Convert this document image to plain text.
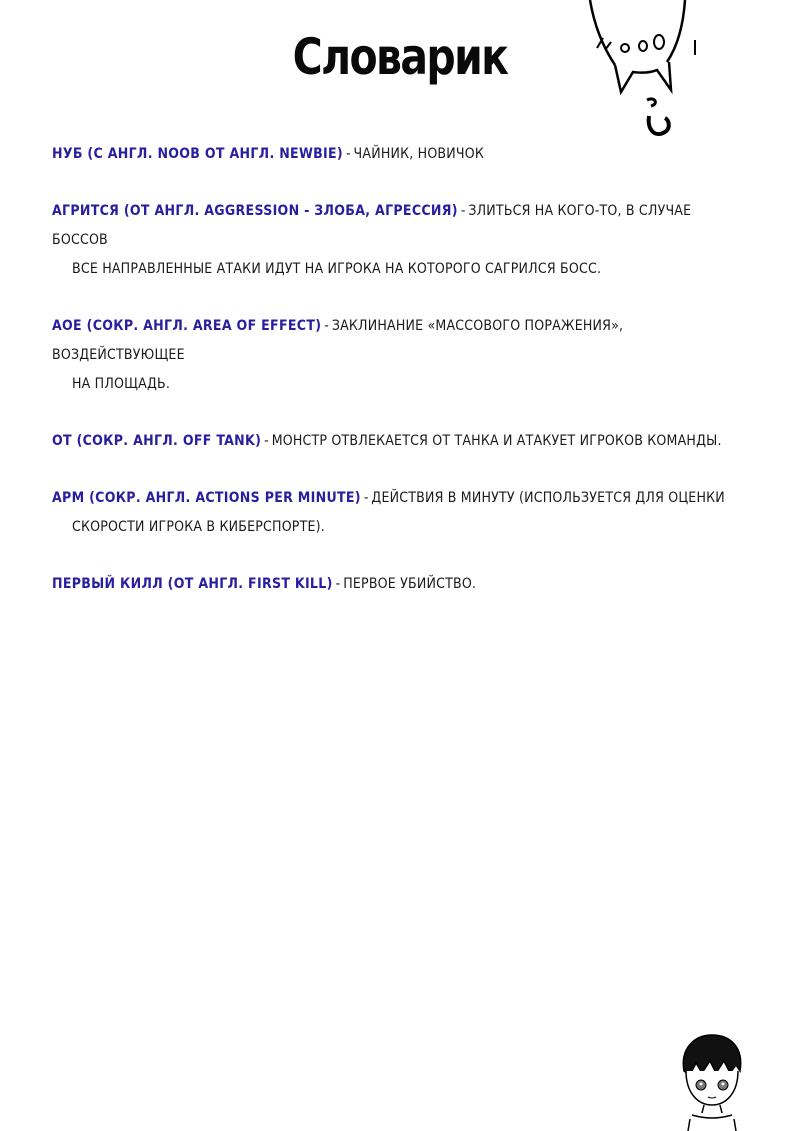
Словарик
НУБ (С АНГЛ. NOOB ОТ АНГЛ. NEWBIE) - ЧАЙНИК, НОВИЧОК
АГРИТСЯ (ОТ АНГЛ. AGGRESSION - ЗЛОБА, АГРЕССИЯ) - ЗЛИТЬСЯ НА КОГО-ТО, В СЛУЧАЕ БОССОВ
ВСЕ НАПРАВЛЕННЫЕ АТАКИ ИДУТ НА ИГРОКА НА КОТОРОГО САГРИЛСЯ БОСС.
AOE (СОКР. АНГЛ. AREA OF EFFECT) - ЗАКЛИНАНИЕ «МАССОВОГО ПОРАЖЕНИЯ», ВОЗДЕЙСТВУЮЩЕЕ
НА ПЛОЩАДЬ.
ОТ (СОКР. АНГЛ. OFF TANK) - МОНСТР ОТВЛЕКАЕТСЯ ОТ ТАНКА И АТАКУЕТ ИГРОКОВ КОМАНДЫ.
APM (СОКР. АНГЛ. ACTIONS PER MINUTE) - ДЕЙСТВИЯ В МИНУТУ (ИСПОЛЬЗУЕТСЯ ДЛЯ ОЦЕНКИ
СКОРОСТИ ИГРОКА В КИБЕРСПОРТЕ).
ПЕРВЫЙ КИЛЛ (ОТ АНГЛ. FIRST KILL) - ПЕРВОЕ УБИЙСТВО.
